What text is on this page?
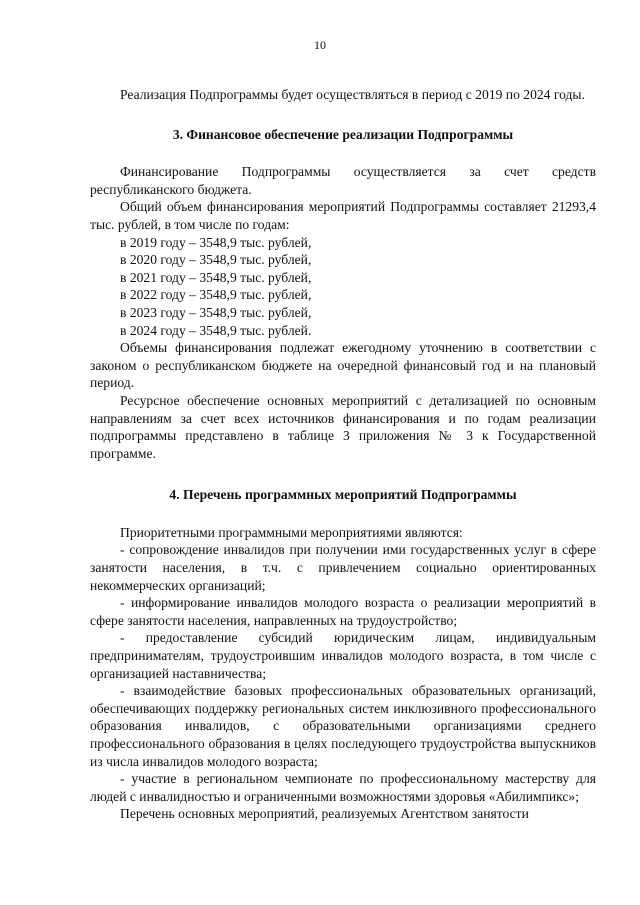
10

Реализация Подпрограммы будет осуществляться в период с 2019 по 2024 годы.

3. Финансовое обеспечение реализации Подпрограммы

Финансирование Подпрограммы осуществляется за счет средств республиканского бюджета.

Общий объем финансирования мероприятий Подпрограммы составляет 21293,4 тыс. рублей, в том числе по годам:

в 2019 году – 3548,9 тыс. рублей,

в 2020 году – 3548,9 тыс. рублей,

в 2021 году – 3548,9 тыс. рублей,

в 2022 году – 3548,9 тыс. рублей,

в 2023 году – 3548,9 тыс. рублей,

в 2024 году – 3548,9 тыс. рублей.

Объемы финансирования подлежат ежегодному уточнению в соответствии с законом о республиканском бюджете на очередной финансовый год и на плановый период.

Ресурсное обеспечение основных мероприятий с детализацией по основным направлениям за счет всех источников финансирования и по годам реализации подпрограммы представлено в таблице 3 приложения № 3 к Государственной программе.

4. Перечень программных мероприятий Подпрограммы

Приоритетными программными мероприятиями являются:

- сопровождение инвалидов при получении ими государственных услуг в сфере занятости населения, в т.ч. с привлечением социально ориентированных некоммерческих организаций;

- информирование инвалидов молодого возраста о реализации мероприятий в сфере занятости населения, направленных на трудоустройство;

- предоставление субсидий юридическим лицам, индивидуальным предпринимателям, трудоустроившим инвалидов молодого возраста, в том числе с организацией наставничества;

- взаимодействие базовых профессиональных образовательных организаций, обеспечивающих поддержку региональных систем инклюзивного профессионального образования инвалидов, с образовательными организациями среднего профессионального образования в целях последующего трудоустройства выпускников из числа инвалидов молодого возраста;

- участие в региональном чемпионате по профессиональному мастерству для людей с инвалидностью и ограниченными возможностями здоровья «Абилимпикс»;

Перечень основных мероприятий, реализуемых Агентством занятости
